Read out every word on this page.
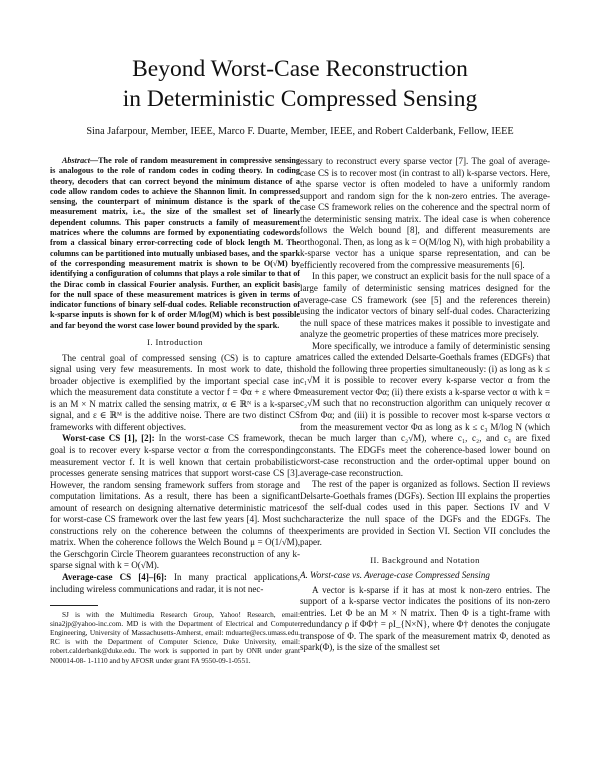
Beyond Worst-Case Reconstruction
in Deterministic Compressed Sensing
Sina Jafarpour, Member, IEEE, Marco F. Duarte, Member, IEEE, and Robert Calderbank, Fellow, IEEE

Abstract—The role of random measurement in compressive sensing is analogous to the role of random codes in coding theory. In coding theory, decoders that can correct beyond the minimum distance of a code allow random codes to achieve the Shannon limit. In compressed sensing, the counterpart of minimum distance is the spark of the measurement matrix, i.e., the size of the smallest set of linearly dependent columns. This paper constructs a family of measurement matrices where the columns are formed by exponentiating codewords from a classical binary error-correcting code of block length M. The columns can be partitioned into mutually unbiased bases, and the spark of the corresponding measurement matrix is shown to be O(√M) by identifying a configuration of columns that plays a role similar to that of the Dirac comb in classical Fourier analysis. Further, an explicit basis for the null space of these measurement matrices is given in terms of indicator functions of binary self-dual codes. Reliable reconstruction of k-sparse inputs is shown for k of order M/log(M) which is best possible and far beyond the worst case lower bound provided by the spark.

I. Introduction

The central goal of compressed sensing (CS) is to capture a signal using very few measurements. In most work to date, this broader objective is exemplified by the important special case in which the measurement data constitute a vector f = Φα + ε where Φ is an M × N matrix called the sensing matrix, α ∈ ℝᴺ is a k-sparse signal, and ε ∈ ℝᴹ is the additive noise. There are two distinct CS frameworks with different objectives.

Worst-case CS [1], [2]: In the worst-case CS framework, the goal is to recover every k-sparse vector α from the corresponding measurement vector f. It is well known that certain probabilistic processes generate sensing matrices that support worst-case CS [3]. However, the random sensing framework suffers from storage and computation limitations. As a result, there has been a significant amount of research on designing alternative deterministic matrices for worst-case CS framework over the last few years [4]. Most such constructions rely on the coherence between the columns of the matrix. When the coherence follows the Welch Bound μ = O(1/√M), the Gerschgorin Circle Theorem guarantees reconstruction of any k-sparse signal with k = O(√M).

Average-case CS [4]–[6]: In many practical applications, including wireless communications and radar, it is not nec-

SJ is with the Multimedia Research Group, Yahoo! Research, email: sina2jp@yahoo-inc.com. MD is with the Department of Electrical and Computer Engineering, University of Massachusetts-Amherst, email: mduarte@ecs.umass.edu. RC is with the Department of Computer Science, Duke University, email: robert.calderbank@duke.edu. The work is supported in part by ONR under grant N00014-08- 1-1110 and by AFOSR under grant FA 9550-09-1-0551.

essary to reconstruct every sparse vector [7]. The goal of average-case CS is to recover most (in contrast to all) k-sparse vectors. Here, the sparse vector is often modeled to have a uniformly random support and random sign for the k non-zero entries. The average-case CS framework relies on the coherence and the spectral norm of the deterministic sensing matrix. The ideal case is when coherence follows the Welch bound [8], and different measurements are orthogonal. Then, as long as k = O(M/log N), with high probability a k-sparse vector has a unique sparse representation, and can be efficiently recovered from the compressive measurements [6].

In this paper, we construct an explicit basis for the null space of a large family of deterministic sensing matrices designed for the average-case CS framework (see [5] and the references therein) using the indicator vectors of binary self-dual codes. Characterizing the null space of these matrices makes it possible to investigate and analyze the geometric properties of these matrices more precisely.

More specifically, we introduce a family of deterministic sensing matrices called the extended Delsarte-Goethals frames (EDGFs) that hold the following three properties simultaneously: (i) as long as k ≤ c₁√M it is possible to recover every k-sparse vector α from the measurement vector Φα; (ii) there exists a k-sparse vector α with k = c₂√M such that no reconstruction algorithm can uniquely recover α from Φα; and (iii) it is possible to recover most k-sparse vectors α from the measurement vector Φα as long as k ≤ c₃ M/log N (which can be much larger than c₂√M), where c₁, c₂, and c₃ are fixed constants. The EDGFs meet the coherence-based lower bound on worst-case reconstruction and the order-optimal upper bound on average-case reconstruction.

The rest of the paper is organized as follows. Section II reviews Delsarte-Goethals frames (DGFs). Section III explains the properties of the self-dual codes used in this paper. Sections IV and V characterize the null space of the DGFs and the EDGFs. The experiments are provided in Section VI. Section VII concludes the paper.

II. Background and Notation
A. Worst-case vs. Average-case Compressed Sensing

A vector is k-sparse if it has at most k non-zero entries. The support of a k-sparse vector indicates the positions of its non-zero entries. Let Φ be an M × N matrix. Then Φ is a tight-frame with redundancy ρ if ΦΦ† = ρI_{N×N}, where Φ† denotes the conjugate transpose of Φ. The spark of the measurement matrix Φ, denoted as spark(Φ), is the size of the smallest set
